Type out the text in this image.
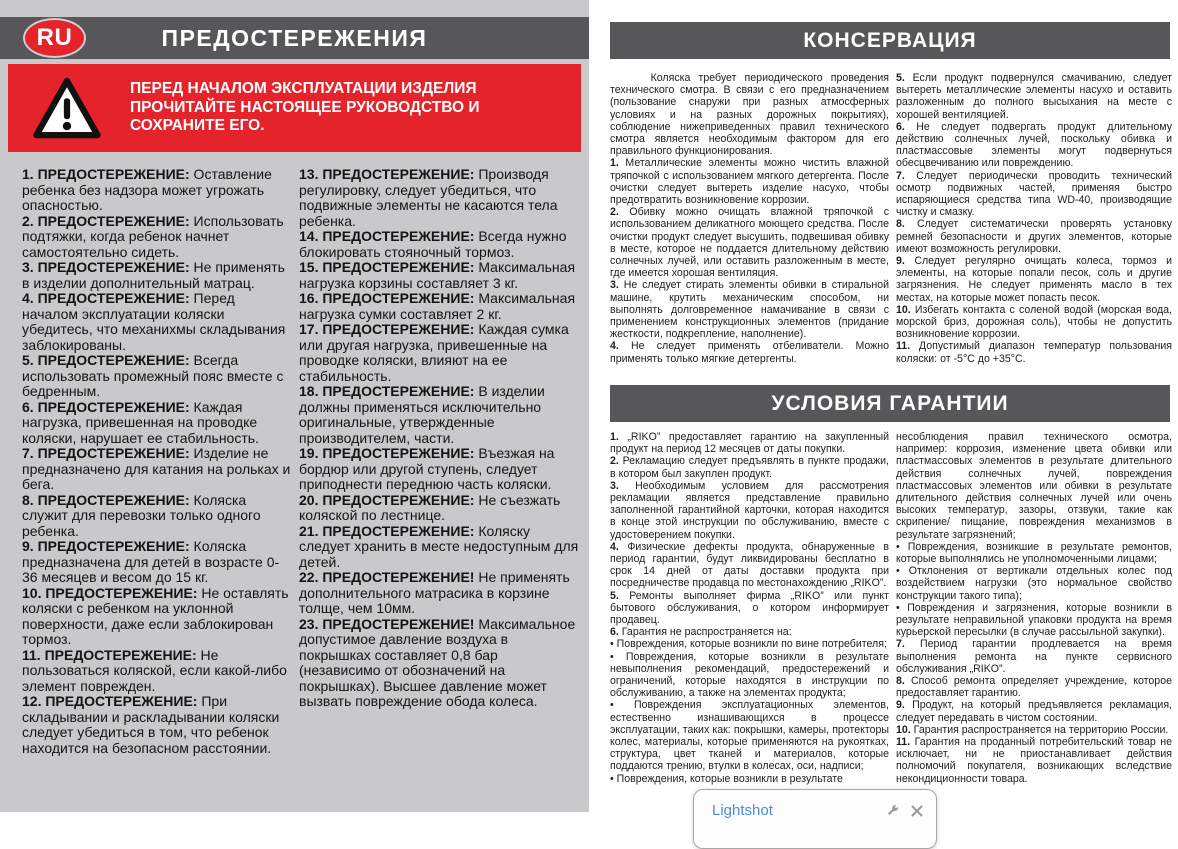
ПРЕДОСТЕРЕЖЕНИЯ
RU
ПЕРЕД НАЧАЛОМ ЭКСПЛУАТАЦИИ ИЗДЕЛИЯ ПРОЧИТАЙТЕ НАСТОЯЩЕЕ РУКОВОДСТВО И СОХРАНИТЕ ЕГО.

1. ПРЕДОСТЕРЕЖЕНИЕ: Оставление ребенка без надзора может угрожать опасностью.

2. ПРЕДОСТЕРЕЖЕНИЕ: Использовать подтяжки, когда ребенок начнет самостоятельно сидеть.

3. ПРЕДОСТЕРЕЖЕНИЕ: Не применять в изделии дополнительный матрац.

4. ПРЕДОСТЕРЕЖЕНИЕ: Перед началом эксплуатации коляски убедитесь, что механихмы складывания заблокированы.

5. ПРЕДОСТЕРЕЖЕНИЕ: Всегда использовать промежный пояс вместе с бедренным.

6. ПРЕДОСТЕРЕЖЕНИЕ: Каждая нагрузка, привешенная на проводке коляски, нарушает ее стабильность.

7. ПРЕДОСТЕРЕЖЕНИЕ: Изделие не предназначено для катания на рольках и бега.

8. ПРЕДОСТЕРЕЖЕНИЕ: Коляска служит для перевозки только одного ребенка.

9. ПРЕДОСТЕРЕЖЕНИЕ: Коляска предназначена для детей в возрасте 0-36 месяцев и весом до 15 кг.

10. ПРЕДОСТЕРЕЖЕНИЕ: Не оставлять коляски с ребенком на уклонной поверхности, даже если заблокирован тормоз.

11. ПРЕДОСТЕРЕЖЕНИЕ: Не пользоваться коляской, если какой-либо элемент поврежден.

12. ПРЕДОСТЕРЕЖЕНИЕ: При складывании и раскладывании коляски следует убедиться в том, что ребенок находится на безопасном расстоянии.

13. ПРЕДОСТЕРЕЖЕНИЕ: Производя регулировку, следует убедиться, что подвижные элементы не касаются тела ребенка.

14. ПРЕДОСТЕРЕЖЕНИЕ: Всегда нужно блокировать стояночный тормоз.

15. ПРЕДОСТЕРЕЖЕНИЕ: Максимальная нагрузка корзины составляет 3 кг.

16. ПРЕДОСТЕРЕЖЕНИЕ: Максимальная нагрузка сумки составляет 2 кг.

17. ПРЕДОСТЕРЕЖЕНИЕ: Каждая сумка или другая нагрузка, привешенные на проводке коляски, влияют на ее стабильность.

18. ПРЕДОСТЕРЕЖЕНИЕ: В изделии должны применяться исключительно оригинальные, утвержденные производителем, части.

19. ПРЕДОСТЕРЕЖЕНИЕ: Въезжая на бордюр или другой ступень, следует приподнести переднюю часть коляски.

20. ПРЕДОСТЕРЕЖЕНИЕ: Не съезжать коляской по лестнице.

21. ПРЕДОСТЕРЕЖЕНИЕ: Коляску следует хранить в месте недоступным для детей.

22. ПРЕДОСТЕРЕЖЕНИЕ! Не применять дополнительного матрасика в корзине толще, чем 10мм.

23. ПРЕДОСТЕРЕЖЕНИЕ! Максимальное допустимое давление воздуха в покрышках составляет 0,8 бар (независимо от обозначений на покрышках). Высшее давление может вызвать повреждение обода колеса.

КОНСЕРВАЦИЯ

Коляска требует периодического проведения технического смотра. В связи с его предназначением (пользование снаружи при разных атмосферных условиях и на разных дорожных покрытиях), соблюдение нижеприведенных правил технического смотра является необходимым фактором для его правильного функционирования.

1. Металлические элементы можно чистить влажной тряпочкой с использованием мягкого детергента. После очистки следует вытереть изделие насухо, чтобы предотвратить возникновение коррозии.

2. Обивку можно очищать влажной тряпочкой с использованием деликатного моющего средства. После очистки продукт следует высушить, подвешивая обивку в месте, которое не поддается длительному действию солнечных лучей, или оставить разложенным в месте, где имеется хорошая вентиляция.

3. Не следует стирать элементы обивки в стиральной машине, крутить механическим способом, ни выполнять долговременное намачивание в связи с применением конструкционных элементов (придание жесткости, подкрепление, наполнение).

4. Не следует применять отбеливатели. Можно применять только мягкие детергенты.

5. Если продукт подвернулся смачиванию, следует вытереть металлические элементы насухо и оставить разложенным до полного высыхания на месте с хорошей вентиляцией.

6. Не следует подвергать продукт длительному действию солнечных лучей, поскольку обивка и пластмассовые элементы могут подвернуться обесцвечиванию или повреждению.

7. Следует периодически проводить технический осмотр подвижных частей, применяя быстро испаряющиеся средства типа WD-40, производящие чистку и смазку.

8. Следует систематически проверять установку ремней безопасности и других элементов, которые имеют возможность регулировки.

9. Следует регулярно очищать колеса, тормоз и элементы, на которые попали песок, соль и другие загрязнения. Не следует применять масло в тех местах, на которые может попасть песок.

10. Избегать контакта с соленой водой (морская вода, морской бриз, дорожная соль), чтобы не допустить возникновение коррозии.

11. Допустимый диапазон температур пользования коляски: от -5°С до +35°С.

УСЛОВИЯ ГАРАНТИИ

1. „RIKO” предоставляет гарантию на закупленный продукт на период 12 месяцев от даты покупки.

2. Рекламацию следует предъявлять в пункте продажи, в котором был закуплен продукт.

3. Необходимым условием для рассмотрения рекламации является представление правильно заполненной гарантийной карточки, которая находится в конце этой инструкции по обслуживанию, вместе с удостоверением покупки.

4. Физические дефекты продукта, обнаруженные в период гарантии, будут ликвидированы бесплатно в срок 14 дней от даты доставки продукта при посредничестве продавца по местонахождению „RIKO”.

5. Ремонты выполняет фирма „RIKO” или пункт бытового обслуживания, о котором информирует продавец.

6. Гарантия не распространяется на:

• Повреждения, которые возникли по вине потребителя;

• Повреждения, которые возникли в результате невыполнения рекомендаций, предостережений и ограничений, которые находятся в инструкции по обслуживанию, а также на элементах продукта;

• Повреждения эксплуатационных элементов, естественно изнашивающихся в процессе эксплуатации, таких как: покрышки, камеры, протекторы колес, материалы, которые применяются на рукоятках, структура, цвет тканей и материалов, которые поддаются трению, втулки в колесах, оси, надписи;

• Повреждения, которые возникли в результате

несоблюдения правил технического осмотра, например: коррозия, изменение цвета обивки или пластмассовых элементов в результате длительного действия солнечных лучей, повреждения пластмассовых элементов или обивки в результате длительного действия солнечных лучей или очень высоких температур, зазоры, отзвуки, такие как скрипение/ пищание, повреждения механизмов в результате загрязнений;

• Повреждения, возникшие в результате ремонтов, которые выполнялись не уполномоченными лицами;

• Отклонения от вертикали отдельных колес под воздействием нагрузки (это нормальное свойство конструкции такого типа);

• Повреждения и загрязнения, которые возникли в результате неправильной упаковки продукта на время курьерской пересылки (в случае рассыльной закупки).

7. Период гарантии продлевается на время выполнения ремонта на пункте сервисного обслуживания „RIKO”.

8. Способ ремонта определяет учреждение, которое предоставляет гарантию.

9. Продукт, на который предъявляется рекламация, следует передавать в чистом состоянии.

10. Гарантия распространяется на территорию России.

11. Гарантия на проданный потребительский товар не исключает, ни не приостанавливает действия полномочий покупателя, возникающих вследствие некондиционности товара.

Lightshot
